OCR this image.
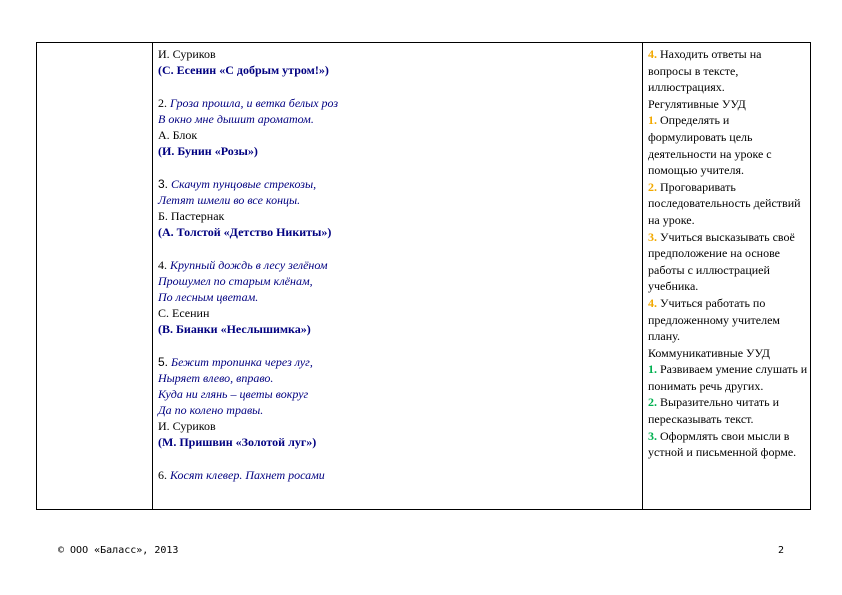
И. Суриков
(С. Есенин «С добрым утром!»)
2. Гроза прошла, и ветка белых роз
В окно мне дышит ароматом.
А. Блок
(И. Бунин «Розы»)
3. Скачут пунцовые стрекозы,
Летят шмели во все концы.
Б. Пастернак
(А. Толстой «Детство Никиты»)
4. Крупный дождь в лесу зелёном
Прошумел по старым клёнам,
По лесным цветам.
С. Есенин
(В. Бианки «Неслышимка»)
5. Бежит тропинка через луг,
Ныряет влево, вправо.
Куда ни глянь – цветы вокруг
Да по колено травы.
И. Суриков
(М. Пришвин «Золотой луг»)
6. Косят клевер. Пахнет росами
4. Находить ответы на вопросы в тексте, иллюстрациях.
Регулятивные УУД
1. Определять и формулировать цель деятельности на уроке с помощью учителя.
2. Проговаривать последовательность действий на уроке.
3. Учиться высказывать своё предположение на основе работы с иллюстрацией учебника.
4. Учиться работать по предложенному учителем плану.
Коммуникативные УУД
1. Развиваем умение слушать и понимать речь других.
2. Выразительно читать и пересказывать текст.
3. Оформлять свои мысли в устной и письменной форме.
© ООО «Баласс», 2013	2
